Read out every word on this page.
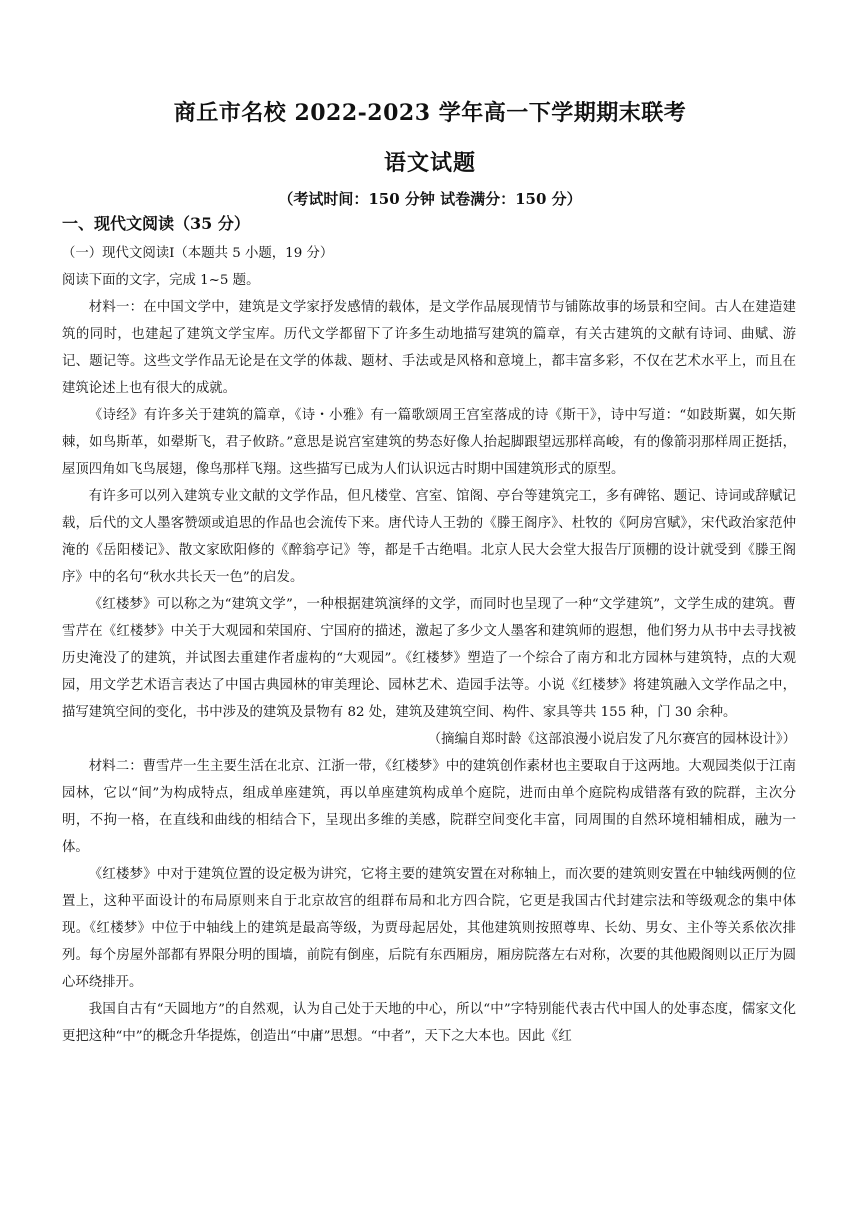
商丘市名校 2022-2023 学年高一下学期期末联考
语文试题
（考试时间：150 分钟 试卷满分：150 分）
一、现代文阅读（35 分）

（一）现代文阅读Ⅰ（本题共 5 小题，19 分）

阅读下面的文字，完成 1~5 题。

材料一：在中国文学中，建筑是文学家抒发感情的载体，是文学作品展现情节与铺陈故事的场景和空间。古人在建造建筑的同时，也建起了建筑文学宝库。历代文学都留下了许多生动地描写建筑的篇章，有关古建筑的文献有诗词、曲赋、游记、题记等。这些文学作品无论是在文学的体裁、题材、手法或是风格和意境上，都丰富多彩，不仅在艺术水平上，而且在建筑论述上也有很大的成就。

《诗经》有许多关于建筑的篇章，《诗・小雅》有一篇歌颂周王宫室落成的诗《斯干》，诗中写道：“如跂斯翼，如矢斯棘，如鸟斯革，如翚斯飞，君子攸跻。”意思是说宫室建筑的势态好像人抬起脚跟望远那样高峻，有的像箭羽那样周正挺括，屋顶四角如飞鸟展翅，像鸟那样飞翔。这些描写已成为人们认识远古时期中国建筑形式的原型。

有许多可以列入建筑专业文献的文学作品，但凡楼堂、宫室、馆阁、亭台等建筑完工，多有碑铭、题记、诗词或辞赋记载，后代的文人墨客赞颂或追思的作品也会流传下来。唐代诗人王勃的《滕王阁序》、杜牧的《阿房宫赋》，宋代政治家范仲淹的《岳阳楼记》、散文家欧阳修的《醉翁亭记》等，都是千古绝唱。北京人民大会堂大报告厅顶棚的设计就受到《滕王阁序》中的名句“秋水共长天一色”的启发。

《红楼梦》可以称之为“建筑文学”，一种根据建筑演绎的文学，而同时也呈现了一种“文学建筑”，文学生成的建筑。曹雪芹在《红楼梦》中关于大观园和荣国府、宁国府的描述，激起了多少文人墨客和建筑师的遐想，他们努力从书中去寻找被历史淹没了的建筑，并试图去重建作者虚构的“大观园”。《红楼梦》塑造了一个综合了南方和北方园林与建筑特，点的大观园，用文学艺术语言表达了中国古典园林的审美理论、园林艺术、造园手法等。小说《红楼梦》将建筑融入文学作品之中，描写建筑空间的变化，书中涉及的建筑及景物有 82 处，建筑及建筑空间、构件、家具等共 155 种，门 30 余种。

（摘编自郑时龄《这部浪漫小说启发了凡尔赛宫的园林设计》）

材料二：曹雪芹一生主要生活在北京、江浙一带，《红楼梦》中的建筑创作素材也主要取自于这两地。大观园类似于江南园林，它以“间”为构成特点，组成单座建筑，再以单座建筑构成单个庭院，进而由单个庭院构成错落有致的院群，主次分明，不拘一格，在直线和曲线的相结合下，呈现出多维的美感，院群空间变化丰富，同周围的自然环境相辅相成，融为一体。

《红楼梦》中对于建筑位置的设定极为讲究，它将主要的建筑安置在对称轴上，而次要的建筑则安置在中轴线两侧的位置上，这种平面设计的布局原则来自于北京故宫的组群布局和北方四合院，它更是我国古代封建宗法和等级观念的集中体现。《红楼梦》中位于中轴线上的建筑是最高等级，为贾母起居处，其他建筑则按照尊卑、长幼、男女、主仆等关系依次排列。每个房屋外部都有界限分明的围墙，前院有倒座，后院有东西厢房，厢房院落左右对称，次要的其他殿阁则以正厅为圆心环绕排开。

我国自古有“天圆地方”的自然观，认为自己处于天地的中心，所以“中”字特别能代表古代中国人的处事态度，儒家文化更把这种“中”的概念升华提炼，创造出“中庸”思想。“中者”，天下之大本也。因此《红
